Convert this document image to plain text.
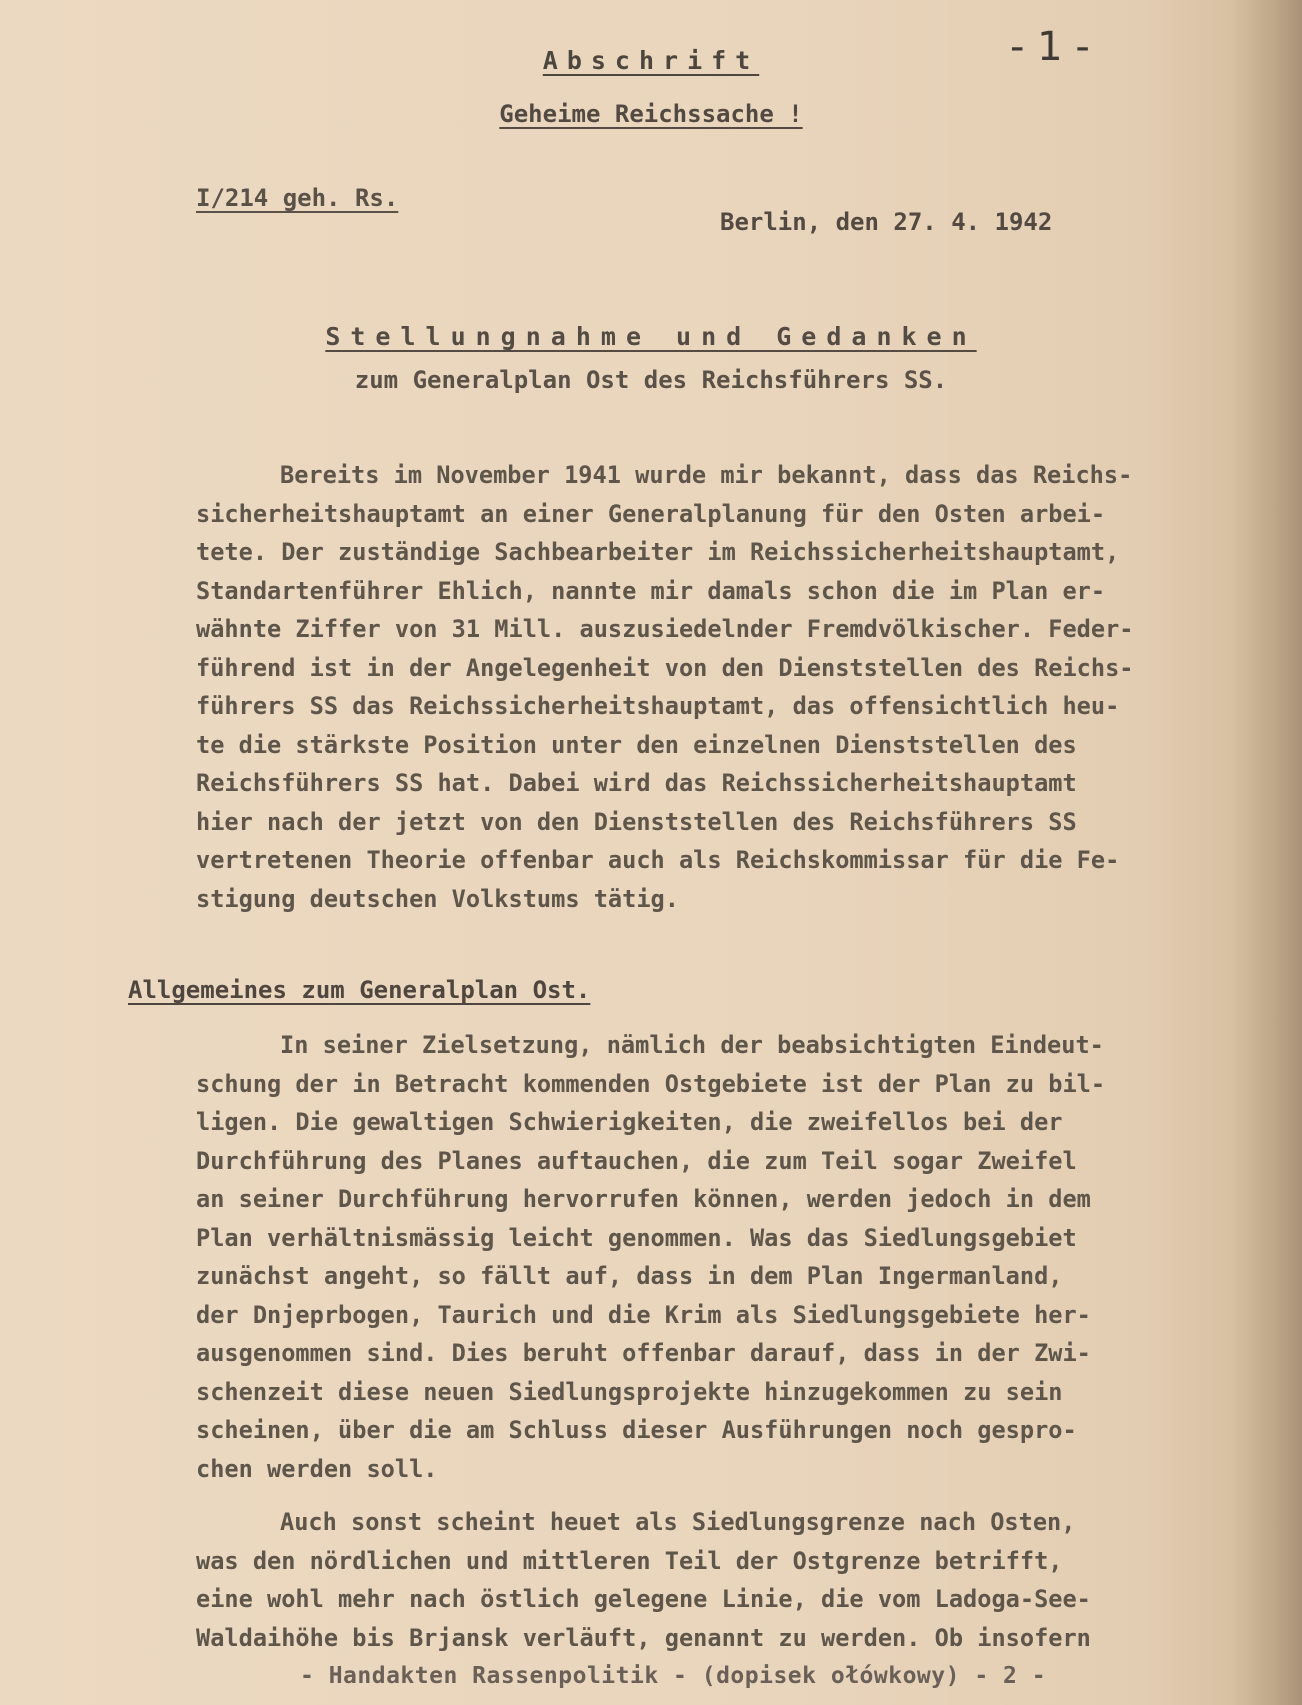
Abschrift
Geheime Reichssache !
- 1 -
I/214 geh. Rs.
Berlin, den 27. 4. 1942
Stellungnahme und Gedanken
zum Generalplan Ost des Reichsführers SS.
Bereits im November 1941 wurde mir bekannt, dass das Reichs-
sicherheitshauptamt an einer Generalplanung für den Osten arbei-
tete. Der zuständige Sachbearbeiter im Reichssicherheitshauptamt,
Standartenführer Ehlich, nannte mir damals schon die im Plan er-
wähnte Ziffer von 31 Mill. auszusiedelnder Fremdvölkischer. Feder-
führend ist in der Angelegenheit von den Dienststellen des Reichs-
führers SS das Reichssicherheitshauptamt, das offensichtlich heu-
te die stärkste Position unter den einzelnen Dienststellen des
Reichsführers SS hat. Dabei wird das Reichssicherheitshauptamt
hier nach der jetzt von den Dienststellen des Reichsführers SS
vertretenen Theorie offenbar auch als Reichskommissar für die Fe-
stigung deutschen Volkstums tätig.
Allgemeines zum Generalplan Ost.
In seiner Zielsetzung, nämlich der beabsichtigten Eindeut-
schung der in Betracht kommenden Ostgebiete ist der Plan zu bil-
ligen. Die gewaltigen Schwierigkeiten, die zweifellos bei der
Durchführung des Planes auftauchen, die zum Teil sogar Zweifel
an seiner Durchführung hervorrufen können, werden jedoch in dem
Plan verhältnismässig leicht genommen. Was das Siedlungsgebiet
zunächst angeht, so fällt auf, dass in dem Plan Ingermanland,
der Dnjeprbogen, Taurich und die Krim als Siedlungsgebiete her-
ausgenommen sind. Dies beruht offenbar darauf, dass in der Zwi-
schenzeit diese neuen Siedlungsprojekte hinzugekommen zu sein
scheinen, über die am Schluss dieser Ausführungen noch gespro-
chen werden soll.
Auch sonst scheint heuet als Siedlungsgrenze nach Osten,
was den nördlichen und mittleren Teil der Ostgrenze betrifft,
eine wohl mehr nach östlich gelegene Linie, die vom Ladoga-See-
Waldaihöhe bis Brjansk verläuft, genannt zu werden. Ob insofern
- Handakten Rassenpolitik - (dopisek ołówkowy) - 2 -
